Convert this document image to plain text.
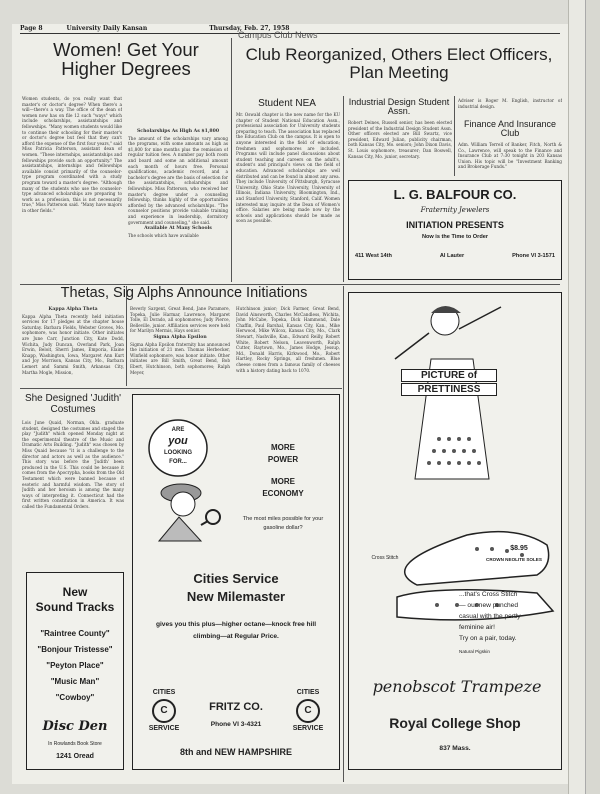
Page 8	University Daily Kansan	Thursday, Feb. 27, 1958
Campus Club News
Women! Get Your Higher Degrees
Women students, do you really want that master's or doctor's degree? When there's a will—there's a way. The office of the dean of women now has on file 12 such "ways" which include scholarships, assistantships and fellowships. "Many women students would like to continue their schooling for their master's or doctor's degree but feel that they can't afford the expense of the first four years," said Miss Patricia Patterson, assistant dean of women. "These internships, assistantships and fellowships provide such an opportunity." The assistantships, internships and fellowships available consist primarily of the counselor-type program coordinated with a study program toward a master's degree. "Although many of the students who use the counselor-type advanced scholarships are preparing to work as a profession, this is not necessarily true," Miss Patterson said. "Many have majors in other fields."
Scholarships As High As $1,800
The amount of the scholarships vary among the programs, with some amounts as high as $1,800 for nine months plus the remission of regular tuition fees. A number pay both room and board and some an additional amount each month of hours free. Personal qualifications, academic record, and a bachelor's degree are the basis of selection for the assistantships, scholarships and fellowships. Miss Patterson, who received her master's degree under a counseling fellowship, thinks highly of the opportunities afforded by the advanced scholarships. "The counselor positions provide valuable training and experience in leadership, dormitory government and counseling," she said.
Available At Many Schools
The schools which have available
Club Reorganized, Others Elect Officers, Plan Meeting
Student NEA
Mr. Oswald chapter is the new name for the KU chapter of Student National Education Assn., professional association for University students preparing to teach. The association has replaced the Education Club on the campus. It is open to anyone interested in the field of education; freshmen and sophomores are included. Programs will include panel discussions about student teaching and careers on the adult's, student's and principal's views on the field of education. Advanced scholarships are well distributed and can be found in almost any area. They include University of Pittsburgh, Syracuse University, Ohio State University, University of Illinois, Indiana University, Bloomington, Ind., and Stanford University, Stanford, Calif. Women interested may inquire at the Dean of Women's office. Salaries are being made now by the schools and applications should be made as soon as possible.
Industrial Design Student Assn.
Robert Deines, Russell senior, has been elected president of the Industrial Design Student Assn. Other officers elected are Bill Swartz, vice president, Edward Julian, publicity chairman, both Kansas City, Mo. seniors; John Dixon Davis, St. Louis sophomore, treasurer; Dan Boswell, Kansas City, Mo. junior, secretary.
Adviser is Roger M. English, instructor of industrial design.
Finance And Insurance Club
Adm. William Terrell of Banker, Fitch, North & Co., Lawrence, will speak to the Finance and Insurance Club at 7:30 tonight in 203 Kansas Union. His topic will be "Investment Banking and Brokerage Funds."
L. G. BALFOUR CO.
Fraternity Jewelers
INITIATION PRESENTS
Now is the Time to Order
411 West 14th	Al Lauter	Phone VI 3-1571
Thetas, Sig Alphs Announce Initiations
Kappa Alpha Theta
Kappa Alpha Theta recently held initiation services for 17 pledges at the chapter house Saturday. Barbara Fields, Webster Groves, Mo. sophomore, was honor initiate. Other initiates are June Carr, Junction City, Kate Dodd, Wichita, Judy Duncan, Overland Park, Joan Erwin, Beloit, Sherri James, Emporia, Elaine Knapp, Washington, Iowa, Margaret Ann Kurt and Joy Morrison, Kansas City, Mo., Barbara Lemert and Sammi Smith, Arkansas City, Martha Mogle, Mission,
Beverly Sargent, Great Bend, Jane Paramore, Topeka, Julie Harmar, Lawrence, Margaret Tolle, El Dorado, all sophomores; Judy Pierce, Belleville, junior. Affiliation services were held for Marilyn Mermis, Hays senior.
Sigma Alpha Epsilon
Sigma Alpha Epsilon fraternity has announced the initiation of 21 men. Thomas Herbecker, Winfield sophomore, was honor initiate. Other initiates are Bill Smith, Great Bend, Bob Ebert, Hutchinson, both sophomores; Ralph Meyer,
Hutchinson junior; Dick Farmer, Great Bend, David Ainsworth, Charles McCandless, Wichita, John McCabe, Topeka, Dick Hammond, Dale Chaffin, Paul Barshal, Kansas City, Kan., Mike Herwood, Mike Wilcox, Kansas City, Mo., Clark Stewart, Nashville, Kan., Edward Reilly, Robert White, Robert Nelson, Leavenworth, Ralph Cutter, Raytown, Mo., James Hodge, Jessup, Md., Donald Harris, Kirkwood, Mo., Robert Hartley, Rocky Springs, all freshmen. Blue cheese comes from a famous family of cheeses with a history dating back to 1070.
She Designed 'Judith' Costumes
Lois June Quaid, Norman, Okla. graduate student, designed the costumes and staged the play "Judith" which opened Monday night at the experimental theatre of the Music and Dramatic Arts Building. "Judith" was chosen by Miss Quaid because "it is a challenge to the director and actors as well as the audience." This story was before the 'Judith' been produced in the U.S. This could be because it comes from the Apocrypha, books from the Old Testament which were banned because of esoteric and harmful wisdom. The story of Judith and her heroism is among the many ways of interpreting it. Connecticut had the first written constitution in America. It was called the Fundamental Orders.
New
Sound Tracks
"Raintree County"
"Bonjour Tristesse"
"Peyton Place"
"Music Man"
"Cowboy"
Disc Den
In Rowlands Book Store
1241 Oread
ARE
you
LOOKING
FOR...
MORE
POWER
MORE
ECONOMY
The most miles possible for your gasoline dollar?
Cities Service
New Milemaster
gives you this plus—higher octane—knock free hill climbing—at Regular Price.
CITIES
C
SERVICE
FRITZ CO.
Phone VI 3-4321
CITIES
C
SERVICE
8th and NEW HAMPSHIRE
PICTURE of
PRETTINESS
Cross Stitch
$8.95
CROWN NEOLITE SOLES
...that's Cross Stitch
— our new punched
casual with the pertly
feminine air!
Try on a pair, today.
Natural Pigskin
penobscot Trampeze
Royal College Shop
837 Mass.
